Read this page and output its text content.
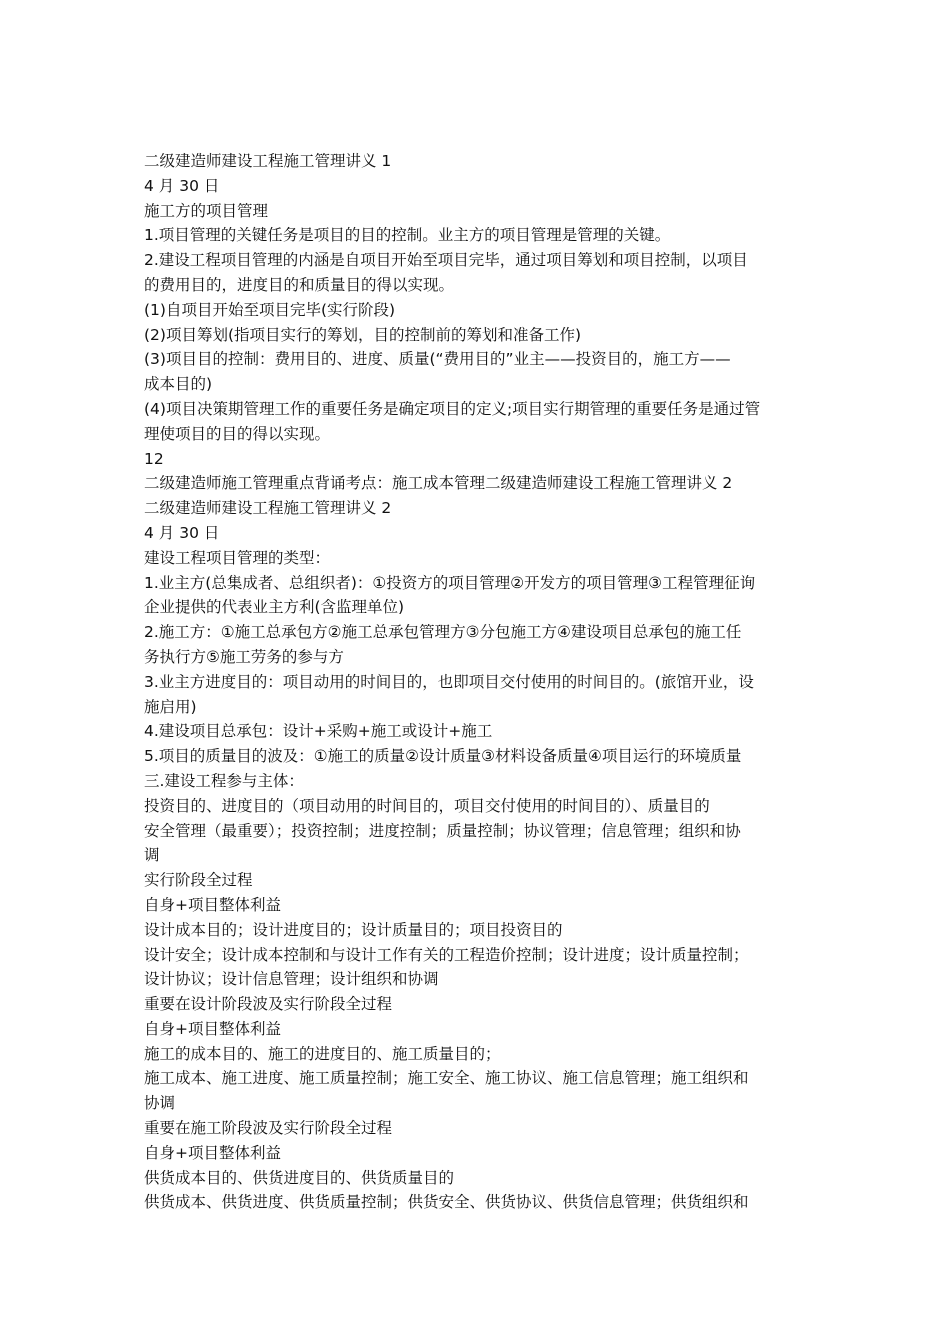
二级建造师建设工程施工管理讲义 1
4 月 30 日
施工方的项目管理
1.项目管理的关键任务是项目的目的控制。业主方的项目管理是管理的关键。
2.建设工程项目管理的内涵是自项目开始至项目完毕，通过项目筹划和项目控制，以项目
的费用目的，进度目的和质量目的得以实现。
(1)自项目开始至项目完毕(实行阶段)
(2)项目筹划(指项目实行的筹划，目的控制前的筹划和准备工作)
(3)项目目的控制：费用目的、进度、质量(“费用目的”业主——投资目的，施工方——
成本目的)
(4)项目决策期管理工作的重要任务是确定项目的定义;项目实行期管理的重要任务是通过管
理使项目的目的得以实现。
12
二级建造师施工管理重点背诵考点：施工成本管理二级建造师建设工程施工管理讲义 2
二级建造师建设工程施工管理讲义 2
4 月 30 日
建设工程项目管理的类型：
1.业主方(总集成者、总组织者)：①投资方的项目管理②开发方的项目管理③工程管理征询
企业提供的代表业主方利(含监理单位)
2.施工方：①施工总承包方②施工总承包管理方③分包施工方④建设项目总承包的施工任
务执行方⑤施工劳务的参与方
3.业主方进度目的：项目动用的时间目的，也即项目交付使用的时间目的。(旅馆开业，设
施启用)
4.建设项目总承包：设计+采购+施工或设计+施工
5.项目的质量目的波及：①施工的质量②设计质量③材料设备质量④项目运行的环境质量
三.建设工程参与主体：
投资目的、进度目的（项目动用的时间目的，项目交付使用的时间目的）、质量目的
安全管理（最重要）；投资控制；进度控制；质量控制；协议管理；信息管理；组织和协
调
实行阶段全过程
自身+项目整体利益
设计成本目的；设计进度目的；设计质量目的；项目投资目的
设计安全；设计成本控制和与设计工作有关的工程造价控制；设计进度；设计质量控制；
设计协议；设计信息管理；设计组织和协调
重要在设计阶段波及实行阶段全过程
自身+项目整体利益
施工的成本目的、施工的进度目的、施工质量目的；
施工成本、施工进度、施工质量控制；施工安全、施工协议、施工信息管理；施工组织和
协调
重要在施工阶段波及实行阶段全过程
自身+项目整体利益
供货成本目的、供货进度目的、供货质量目的
供货成本、供货进度、供货质量控制；供货安全、供货协议、供货信息管理；供货组织和
